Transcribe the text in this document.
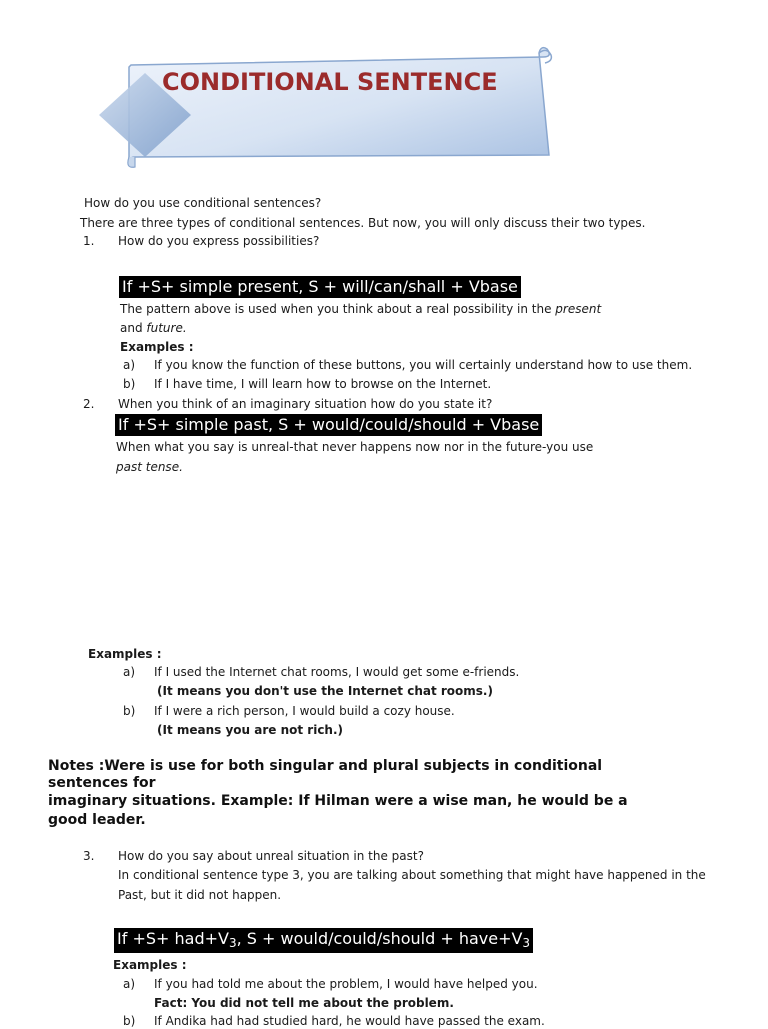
CONDITIONAL SENTENCE
How do you use conditional sentences?
There are three types of conditional sentences. But now, you will only discuss their two types.
1. How do you express possibilities?
If +S+ simple present, S + will/can/shall + Vbase
The pattern above is used when you think about a real possibility in the present
and future.
Examples :
a) If you know the function of these buttons, you will certainly understand how to use them.
b) If I have time, I will learn how to browse on the Internet.
2. When you think of an imaginary situation how do you state it?
If +S+ simple past, S + would/could/should + Vbase
When what you say is unreal-that never happens now nor in the future-you use
past tense.
Examples :
a) If I used the Internet chat rooms, I would get some e-friends.
(It means you don't use the Internet chat rooms.)
b) If I were a rich person, I would build a cozy house.
(It means you are not rich.)
Notes :Were is use for both singular and plural subjects in conditional
sentences for
imaginary situations. Example: If Hilman were a wise man, he would be a
good leader.
3. How do you say about unreal situation in the past?
In conditional sentence type 3, you are talking about something that might have happened in the
Past, but it did not happen.
$If +S+ had+V_3$, S + would/could/should + $have+V_3$
Examples :
a) If you had told me about the problem, I would have helped you.
Fact: You did not tell me about the problem.
b) If Andika had had studied hard, he would have passed the exam.
